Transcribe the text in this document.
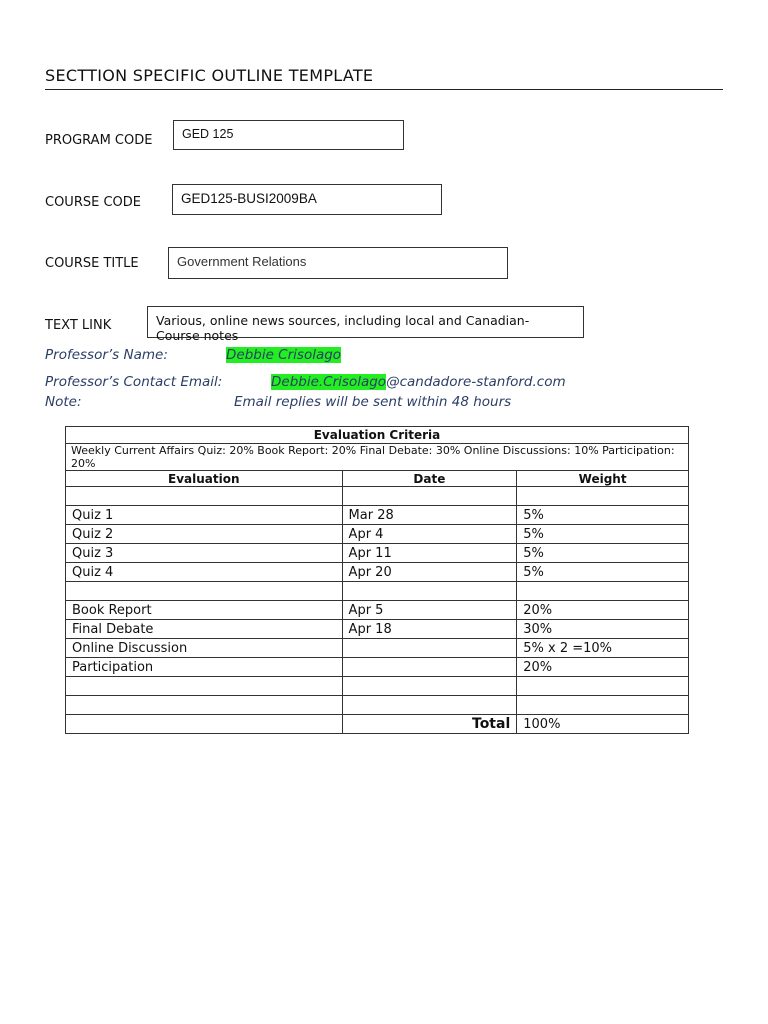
SECTTION SPECIFIC OUTLINE TEMPLATE
PROGRAM CODE	GED 125
COURSE CODE	GED125-BUSI2009BA
COURSE TITLE	Government Relations
TEXT LINK	Various, online news sources, including local and Canadian- Course notes
Professor’s Name:	Debbie Crisolago
Professor’s Contact Email:	Debbie.Crisolago@candadore-stanford.com
Note:	Email replies will be sent within 48 hours
Evaluation Criteria		
Weekly Current Affairs Quiz: 20% Book Report: 20% Final Debate: 30% Online Discussions: 10% Participation: 20%		
Evaluation	Date	Weight

Quiz 1	Mar 28	5%
Quiz 2	Apr 4	5%
Quiz 3	Apr 11	5%
Quiz 4	Apr 20	5%

Book Report	Apr 5	20%
Final Debate	Apr 18	30%
Online Discussion		5% x 2 =10%
Participation		20%

	Total	100%
